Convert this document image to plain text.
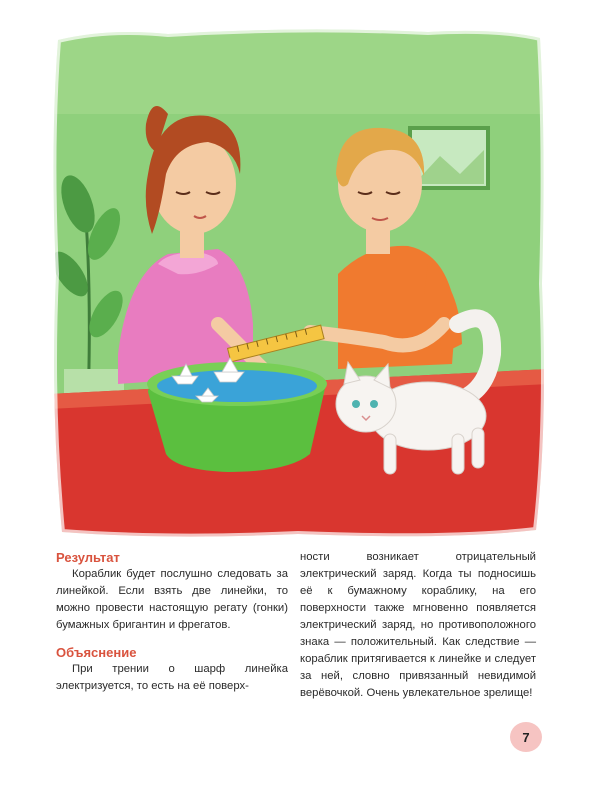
Результат

Кораблик будет послушно следовать за линейкой. Если взять две линейки, то можно провести настоящую регату (гонки) бумажных бригантин и фрегатов.

Объяснение

При трении о шарф линейка электризуется, то есть на её поверх-

ности возникает отрицательный электрический заряд. Когда ты подносишь её к бумажному кораблику, на его поверхности также мгновенно появляется электрический заряд, но противоположного знака — положительный. Как следствие — кораблик притягивается к линейке и следует за ней, словно привязанный невидимой верёвочкой. Очень увлекательное зрелище!

7
